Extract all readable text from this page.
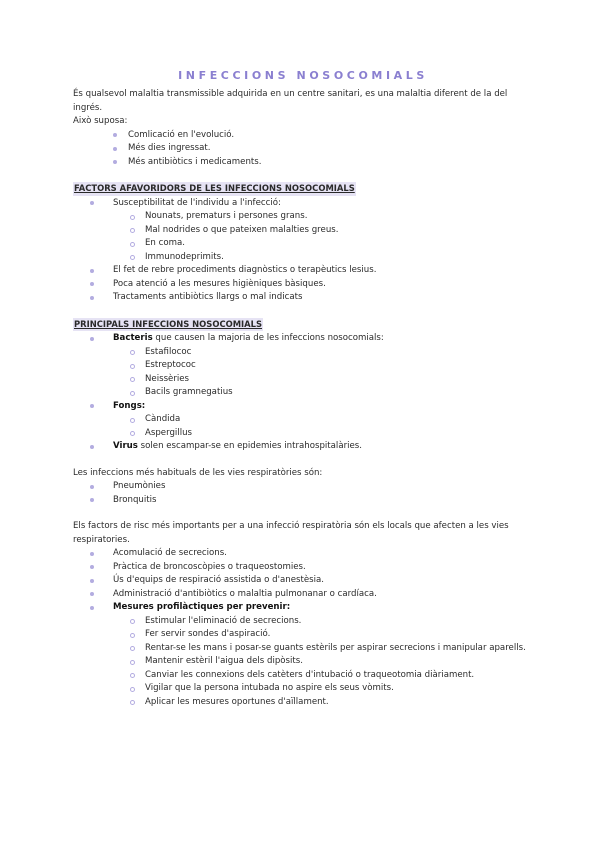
INFECCIONS NOSOCOMIALS

És qualsevol malaltia transmissible adquirida en un centre sanitari, es una malaltia diferent de la del ingrés.

Això suposa:

Comlicació en l'evolució.
Més dies ingressat.
Més antibiòtics i medicaments.

FACTORS AFAVORIDORS DE LES INFECCIONS NOSOCOMIALS

Susceptibilitat de l'individu a l'infecció:
Nounats, prematurs i persones grans.
Mal nodrides o que pateixen malalties greus.
En coma.
Immunodeprimits.
El fet de rebre procediments diagnòstics o terapèutics lesius.
Poca atenció a les mesures higièniques bàsiques.
Tractaments antibiòtics llargs o mal indicats

PRINCIPALS INFECCIONS NOSOCOMIALS

Bacteris que causen la majoria de les infeccions nosocomials:
Estafilococ
Estreptococ
Neissèries
Bacils gramnegatius
Fongs:
Càndida
Aspergillus
Virus solen escampar-se en epidemies intrahospitalàries.

Les infeccions més habituals de les vies respiratòries són:

Pneumònies
Bronquitis

Els factors de risc més importants per a una infecció respiratòria són els locals que afecten a les vies respiratories.

Acomulació de secrecions.
Pràctica de broncoscòpies o traqueostomies.
Ús d'equips de respiració assistida o d'anestèsia.
Administració d'antibiòtics o malaltia pulmonanar o cardíaca.
Mesures profilàctiques per prevenir:
Estimular l'eliminació de secrecions.
Fer servir sondes d'aspiració.
Rentar-se les mans i posar-se guants estèrils per aspirar secrecions i manipular aparells.
Mantenir estèril l'aigua dels dipòsits.
Canviar les connexions dels catèters d'intubació o traqueotomia diàriament.
Vigilar que la persona intubada no aspire els seus vòmits.
Aplicar les mesures oportunes d'aïllament.
